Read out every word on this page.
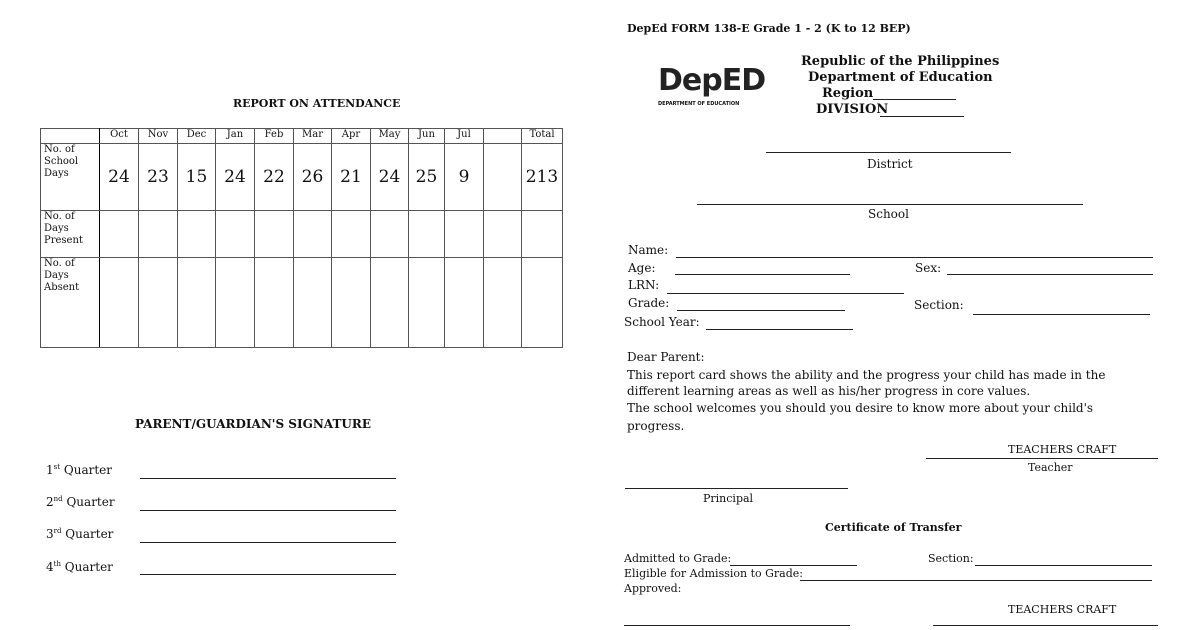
REPORT ON ATTENDANCE
	Oct	Nov	Dec	Jan	Feb	Mar	Apr	May	Jun	Jul		Total
No. of School Days	24	23	15	24	22	26	21	24	25	9		213
No. of Days Present												
No. of Days Absent												
PARENT/GUARDIAN'S SIGNATURE
1st Quarter
2nd Quarter
3rd Quarter
4th Quarter
DepEd FORM 138-E Grade 1 - 2 (K to 12 BEP)
DepED
DEPARTMENT OF EDUCATION
Republic of the Philippines
Department of Education
Region
DIVISION
District
School
Name:
Age:	Sex:
LRN:
Grade:	Section:
School Year:
Dear Parent:
This report card shows the ability and the progress your child has made in the
different learning areas as well as his/her progress in core values.
The school welcomes you should you desire to know more about your child's
progress.
TEACHERS CRAFT
Teacher
Principal
Certificate of Transfer
Admitted to Grade:	Section:
Eligible for Admission to Grade:
Approved:
TEACHERS CRAFT
